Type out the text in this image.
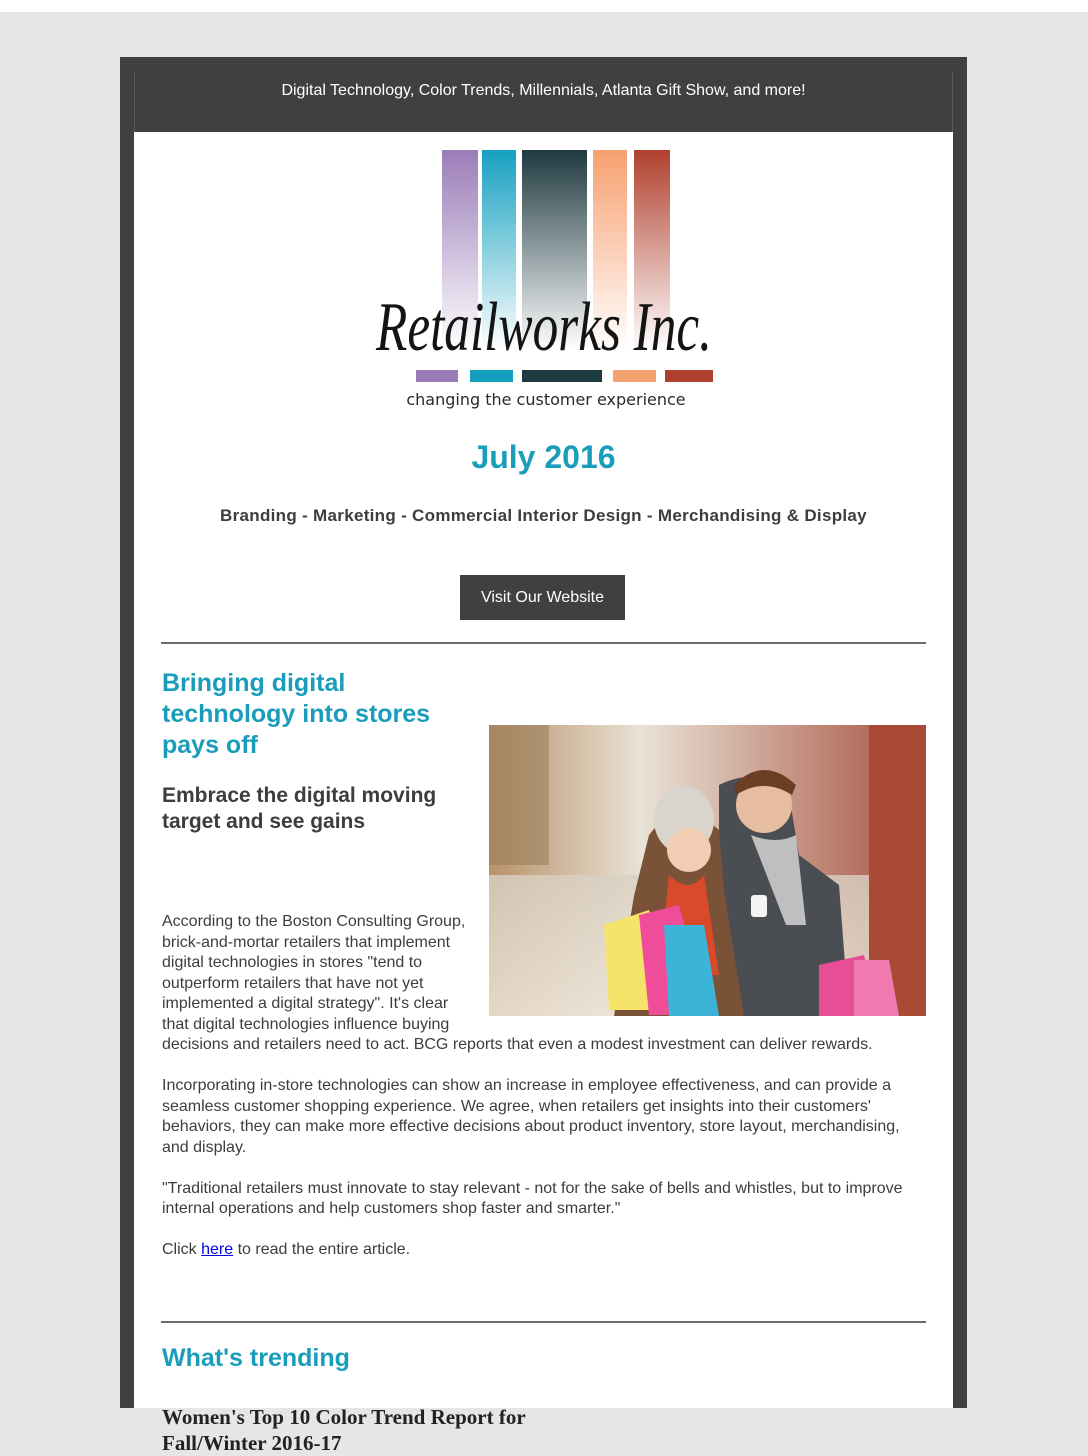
Digital Technology, Color Trends, Millennials, Atlanta Gift Show, and more!
Retailworks Inc.
changing the customer experience
July 2016
Branding - Marketing - Commercial Interior Design - Merchandising & Display
Visit Our Website
Bringing digital technology into stores pays off
Embrace the digital moving target and see gains

According to the Boston Consulting Group, brick-and-mortar retailers that implement digital technologies in stores "tend to outperform retailers that have not yet implemented a digital strategy". It's clear that digital technologies influence buying decisions and retailers need to act. BCG reports that even a modest investment can deliver rewards.

Incorporating in-store technologies can show an increase in employee effectiveness, and can provide a seamless customer shopping experience. We agree, when retailers get insights into their customers' behaviors, they can make more effective decisions about product inventory, store layout, merchandising, and display.

"Traditional retailers must innovate to stay relevant - not for the sake of bells and whistles, but to improve internal operations and help customers shop faster and smarter."

Click here to read the entire article.

What's trending
Women's Top 10 Color Trend Report for Fall/Winter 2016-17
